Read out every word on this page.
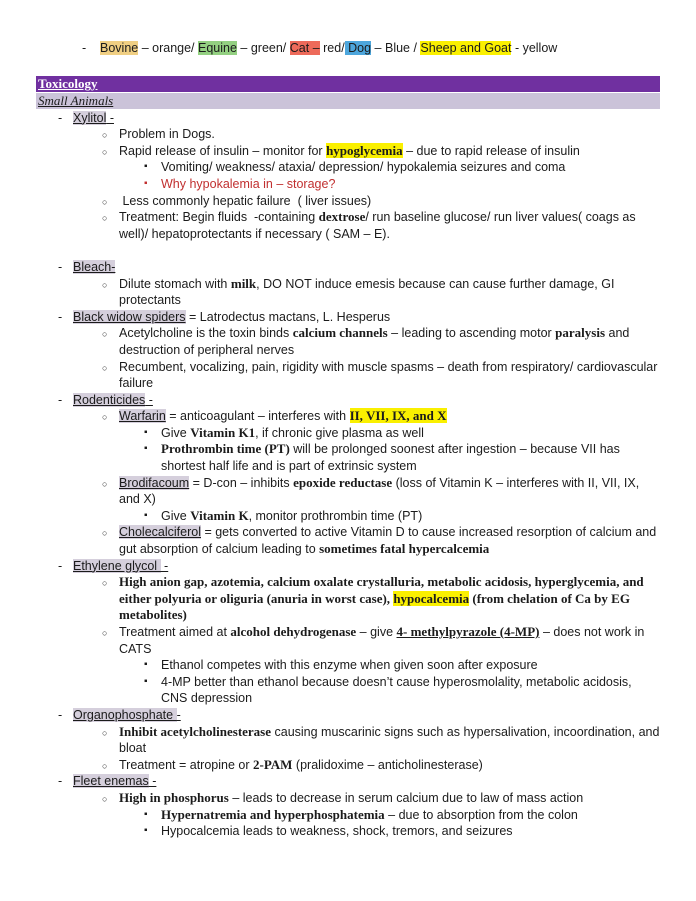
- Bovine – orange/ Equine – green/ Cat – red/ Dog – Blue / Sheep and Goat - yellow
Toxicology
Small Animals
- Xylitol -
○ Problem in Dogs.
○ Rapid release of insulin – monitor for hypoglycemia – due to rapid release of insulin
▪ Vomiting/ weakness/ ataxia/ depression/ hypokalemia seizures and coma
▪ Why hypokalemia in – storage?
○ Less commonly hepatic failure  ( liver issues)
○ Treatment: Begin fluids  -containing dextrose/ run baseline glucose/ run liver values( coags as well)/ hepatoprotectants if necessary ( SAM – E).
- Bleach-
○ Dilute stomach with milk, DO NOT induce emesis because can cause further damage, GI protectants
- Black widow spiders = Latrodectus mactans, L. Hesperus
○ Acetylcholine is the toxin binds calcium channels – leading to ascending motor paralysis and destruction of peripheral nerves
○ Recumbent, vocalizing, pain, rigidity with muscle spasms – death from respiratory/ cardiovascular failure
- Rodenticides -
○ Warfarin = anticoagulant – interferes with II, VII, IX, and X
▪ Give Vitamin K1, if chronic give plasma as well
▪ Prothrombin time (PT) will be prolonged soonest after ingestion – because VII has shortest half life and is part of extrinsic system
○ Brodifacoum = D-con – inhibits epoxide reductase (loss of Vitamin K – interferes with II, VII, IX, and X)
▪ Give Vitamin K, monitor prothrombin time (PT)
○ Cholecalciferol = gets converted to active Vitamin D to cause increased resorption of calcium and gut absorption of calcium leading to sometimes fatal hypercalcemia
- Ethylene glycol  -
○ High anion gap, azotemia, calcium oxalate crystalluria, metabolic acidosis, hyperglycemia, and either polyuria or oliguria (anuria in worst case), hypocalcemia (from chelation of Ca by EG metabolites)
○ Treatment aimed at alcohol dehydrogenase – give 4- methylpyrazole (4-MP) – does not work in CATS
▪ Ethanol competes with this enzyme when given soon after exposure
▪ 4-MP better than ethanol because doesn’t cause hyperosmolality, metabolic acidosis, CNS depression
- Organophosphate -
○ Inhibit acetylcholinesterase causing muscarinic signs such as hypersalivation, incoordination, and bloat
○ Treatment = atropine or 2-PAM (pralidoxime – anticholinesterase)
- Fleet enemas -
○ High in phosphorus – leads to decrease in serum calcium due to law of mass action
▪ Hypernatremia and hyperphosphatemia – due to absorption from the colon
▪ Hypocalcemia leads to weakness, shock, tremors, and seizures
